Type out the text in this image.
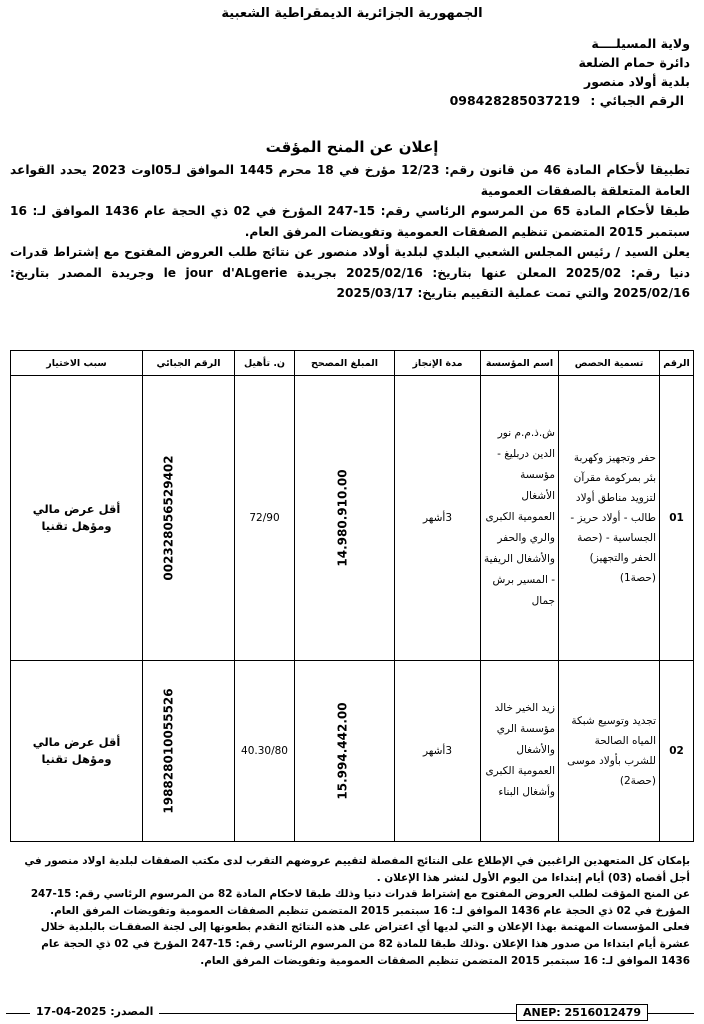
الجمهورية الجزائرية الديمقراطية الشعبية
ولاية المسيلــــة
دائرة حمام الضلعة
بلدية أولاد منصور
الرقم الجبائي : 098428285037219
إعلان عن المنح المؤقت

تطبيقا لأحكام المادة 46 من قانون رقم: 12/23 مؤرخ في 18 محرم 1445 الموافق لـ05اوت 2023 يحدد القواعد العامة المتعلقة بالصفقات العمومية

طبقا لأحكام المادة 65 من المرسوم الرئاسي رقم: 15-247 المؤرخ في 02 ذي الحجة عام 1436 الموافق لـ: 16 سبتمبر 2015 المتضمن تنظيم الصفقات العمومية وتفويضات المرفق العام.

يعلن السيد / رئيس المجلس الشعبي البلدي لبلدية أولاد منصور عن نتائج طلب العروض المفتوح مع إشتراط قدرات دنيا رقم: 2025/02 المعلن عنها بتاريخ: 2025/02/16 بجريدة le jour d'ALgerie وجريدة المصدر بتاريخ: 2025/02/16 والتي تمت عملية التقييم بتاريخ: 2025/03/17

الرقم	تسمية الحصص	اسم المؤسسة	مدة الإنجاز	المبلغ المصحح	ن. تأهيل	الرقم الجبائي	سبب الاختيار
01	حفر وتجهيز وكهربة بئر بمركومة مقرآن لتزويد مناطق أولاد طالب - أولاد حريز - الجساسية - (حصة الحفر والتجهيز) (حصة1)	ش.ذ.م.م نور الدين دربليغ - مؤسسة الأشغال العمومية الكبرى والري والحفر والأشغال الريفية - المسير برش جمال	3أشهر	14.980.910.00	72/90	002328056529402	أقل عرض مالي ومؤهل تقنيا
02	تجديد وتوسيع شبكة المياه الصالحة للشرب بأولاد موسى (حصة2)	زيد الخير خالد مؤسسة الري والأشغال العمومية الكبرى وأشغال البناء	3أشهر	15.994.442.00	40.30/80	198828010055526	أقل عرض مالي ومؤهل تقنيا

بإمكان كل المتعهدين الراغبين في الإطلاع على النتائج المفصلة لتقييم عروضهم التقرب لدى مكتب الصفقات لبلدية اولاد منصور في أجل أقصاه (03) أيام إبتداءا من اليوم الأول لنشر هذا الإعلان .

عن المنح المؤقت لطلب العروض المفتوح مع إشتراط قدرات دنيا وذلك طبقا لاحكام المادة 82 من المرسوم الرئاسي رقم: 15-247 المؤرخ في 02 ذي الحجة عام 1436 الموافق لـ: 16 سبتمبر 2015 المتضمن تنظيم الصفقات العمومية وتفويضات المرفق العام.

فعلى المؤسسات المهتمة بهذا الإعلان و التي لديها أي اعتراض على هذه النتائج التقدم بطعونها إلى لجنة الصفقـات بالبلدية خلال عشرة أيام ابتداءا من صدور هذا الإعلان .وذلك طبقا للمادة 82 من المرسوم الرئاسي رقم: 15-247 المؤرخ في 02 ذي الحجة عام 1436 الموافق لـ: 16 سبتمبر 2015 المتضمن تنظيم الصفقات العمومية وتفويضات المرفق العام.

المصدر: 2025-04-17	ANEP: 2516012479
